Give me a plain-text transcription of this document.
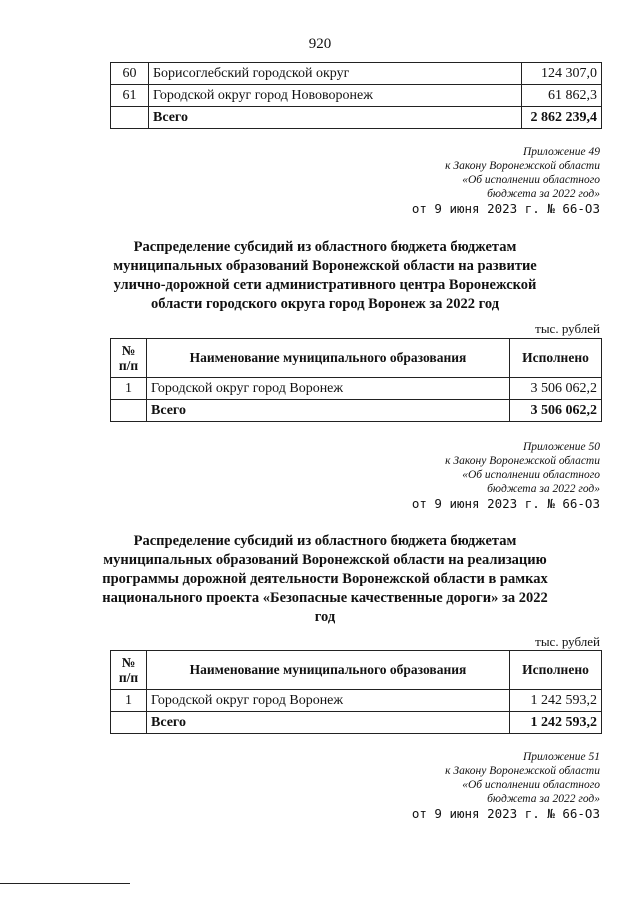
920
60	Борисоглебский городской округ	124 307,0
61	Городской округ город Нововоронеж	61 862,3
	Всего	2 862 239,4
Приложение 49
к Закону Воронежской области
«Об исполнении областного
бюджета за 2022 год»
от 9 июня 2023 г. № 66-ОЗ
Распределение субсидий из областного бюджета бюджетам муниципальных образований Воронежской области на развитие улично-дорожной сети административного центра Воронежской области городского округа город Воронеж за 2022 год
тыс. рублей
№ п/п	Наименование муниципального образования	Исполнено
1	Городской округ город Воронеж	3 506 062,2
	Всего	3 506 062,2
Приложение 50
к Закону Воронежской области
«Об исполнении областного
бюджета за 2022 год»
от 9 июня 2023 г. № 66-ОЗ
Распределение субсидий из областного бюджета бюджетам муниципальных образований Воронежской области на реализацию программы дорожной деятельности Воронежской области в рамках национального проекта «Безопасные качественные дороги» за 2022 год
тыс. рублей
№ п/п	Наименование муниципального образования	Исполнено
1	Городской округ город Воронеж	1 242 593,2
	Всего	1 242 593,2
Приложение 51
к Закону Воронежской области
«Об исполнении областного
бюджета за 2022 год»
от 9 июня 2023 г. № 66-ОЗ
